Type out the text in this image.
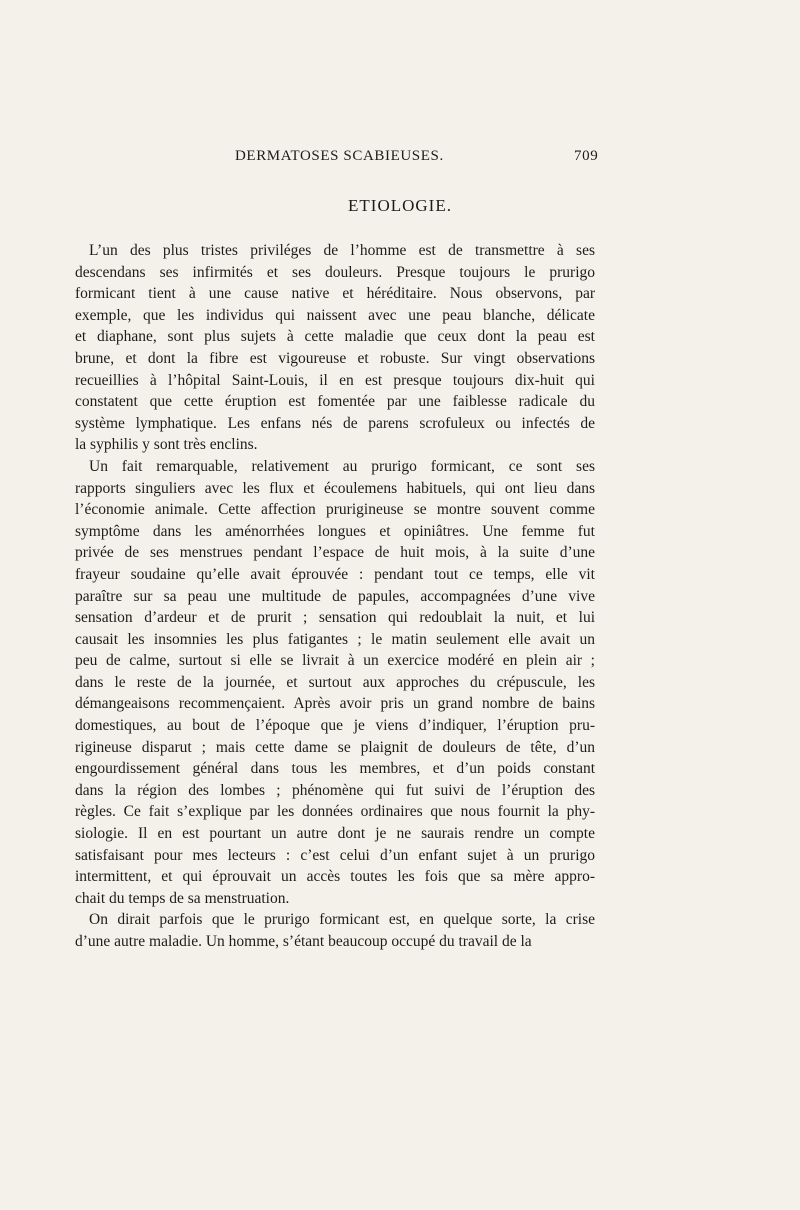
DERMATOSES SCABIEUSES.	709
ETIOLOGIE.
L’un des plus tristes priviléges de l’homme est de transmettre à ses
descendans ses infirmités et ses douleurs. Presque toujours le prurigo
formicant tient à une cause native et héréditaire. Nous observons, par
exemple, que les individus qui naissent avec une peau blanche, délicate
et diaphane, sont plus sujets à cette maladie que ceux dont la peau est
brune, et dont la fibre est vigoureuse et robuste. Sur vingt observations
recueillies à l’hôpital Saint-Louis, il en est presque toujours dix-huit qui
constatent que cette éruption est fomentée par une faiblesse radicale du
système lymphatique. Les enfans nés de parens scrofuleux ou infectés de
la syphilis y sont très enclins.
Un fait remarquable, relativement au prurigo formicant, ce sont ses
rapports singuliers avec les flux et écoulemens habituels, qui ont lieu dans
l’économie animale. Cette affection prurigineuse se montre souvent comme
symptôme dans les aménorrhées longues et opiniâtres. Une femme fut
privée de ses menstrues pendant l’espace de huit mois, à la suite d’une
frayeur soudaine qu’elle avait éprouvée : pendant tout ce temps, elle vit
paraître sur sa peau une multitude de papules, accompagnées d’une vive
sensation d’ardeur et de prurit ; sensation qui redoublait la nuit, et lui
causait les insomnies les plus fatigantes ; le matin seulement elle avait un
peu de calme, surtout si elle se livrait à un exercice modéré en plein air ;
dans le reste de la journée, et surtout aux approches du crépuscule, les
démangeaisons recommençaient. Après avoir pris un grand nombre de bains
domestiques, au bout de l’époque que je viens d’indiquer, l’éruption pru-
rigineuse disparut ; mais cette dame se plaignit de douleurs de tête, d’un
engourdissement général dans tous les membres, et d’un poids constant
dans la région des lombes ; phénomène qui fut suivi de l’éruption des
règles. Ce fait s’explique par les données ordinaires que nous fournit la phy-
siologie. Il en est pourtant un autre dont je ne saurais rendre un compte
satisfaisant pour mes lecteurs : c’est celui d’un enfant sujet à un prurigo
intermittent, et qui éprouvait un accès toutes les fois que sa mère appro-
chait du temps de sa menstruation.
On dirait parfois que le prurigo formicant est, en quelque sorte, la crise
d’une autre maladie. Un homme, s’étant beaucoup occupé du travail de la
